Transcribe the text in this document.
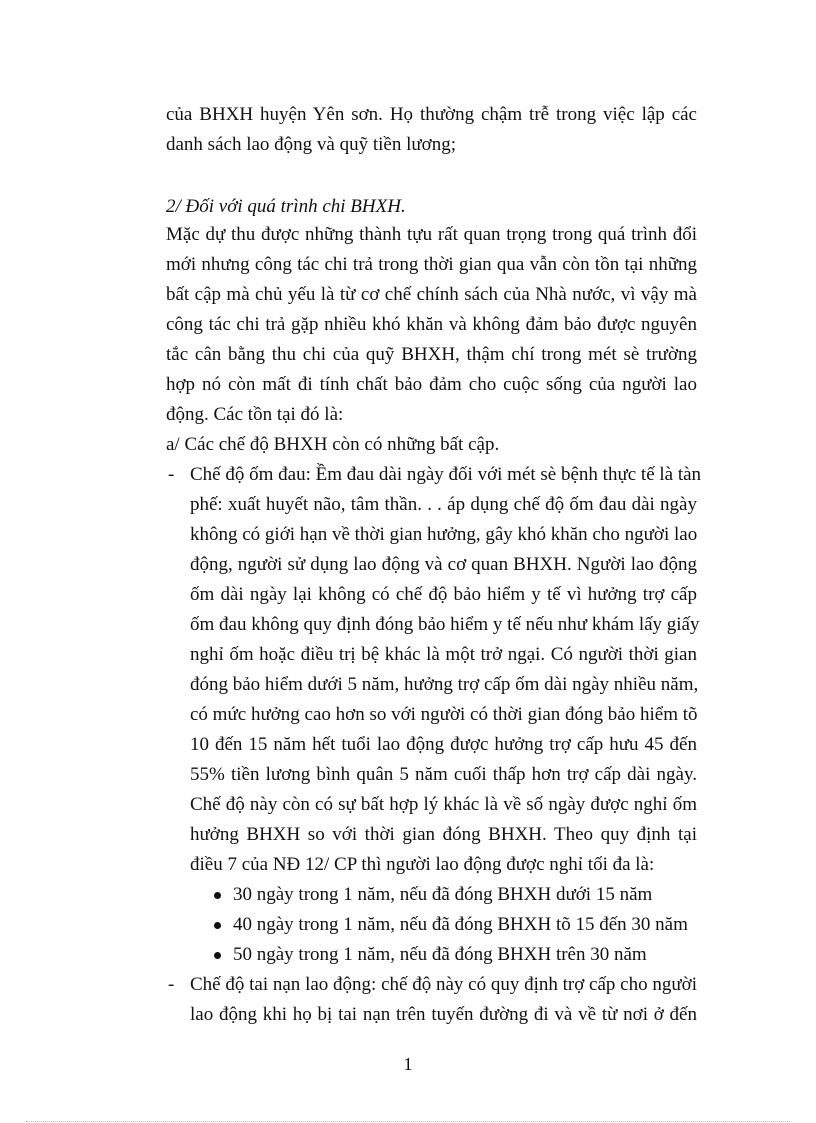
của BHXH huyện Yên sơn. Họ thường chậm trễ trong việc lập các
danh sách lao động và quỹ tiền lương;
2/ Đối với quá trình chi BHXH.
Mặc dự thu được những thành tựu rất quan trọng trong quá trình đổi
mới nhưng công tác chi trả trong thời gian qua vẫn còn tồn tại những
bất cập mà chủ yếu là từ cơ chế chính sách của Nhà nước, vì vậy mà
công tác chi trả gặp nhiều khó khăn và không đảm bảo được nguyên
tắc cân bằng thu chi của quỹ BHXH, thậm chí trong mét sè trường
hợp nó còn mất đi tính chất bảo đảm cho cuộc sống của người lao
động. Các tồn tại đó là:
a/ Các chế độ BHXH còn có những bất cập.
- Chế độ ốm đau: Ềm đau dài ngày đối với mét sè bệnh thực tế là tàn
phế: xuất huyết não, tâm thần. . . áp dụng chế độ ốm đau dài ngày
không có giới hạn về thời gian hưởng, gây khó khăn cho người lao
động, người sử dụng lao động và cơ quan BHXH. Người lao động
ốm dài ngày lại không có chế độ bảo hiểm y tế vì hưởng trợ cấp
ốm đau không quy định đóng bảo hiểm y tế nếu như khám lấy giấy
nghỉ ốm hoặc điều trị bệ khác là một trở ngại. Có người thời gian
đóng bảo hiểm dưới 5 năm, hưởng trợ cấp ốm dài ngày nhiều năm,
có mức hưởng cao hơn so với người có thời gian đóng bảo hiểm tõ
10 đến 15 năm hết tuổi lao động được hưởng trợ cấp hưu 45 đến
55% tiền lương bình quân 5 năm cuối thấp hơn trợ cấp dài ngày.
Chế độ này còn có sự bất hợp lý khác là về số ngày được nghỉ ốm
hưởng BHXH so với thời gian đóng BHXH. Theo quy định tại
điều 7 của NĐ 12/ CP thì người lao động được nghỉ tối đa là:
30 ngày trong 1 năm, nếu đã đóng BHXH dưới 15 năm
40 ngày trong 1 năm, nếu đã đóng BHXH tõ 15 đến 30 năm
50 ngày trong 1 năm, nếu đã đóng BHXH trên 30 năm
- Chế độ tai nạn lao động: chế độ này có quy định trợ cấp cho người
lao động khi họ bị tai nạn trên tuyến đường đi và về từ nơi ở đến
1
